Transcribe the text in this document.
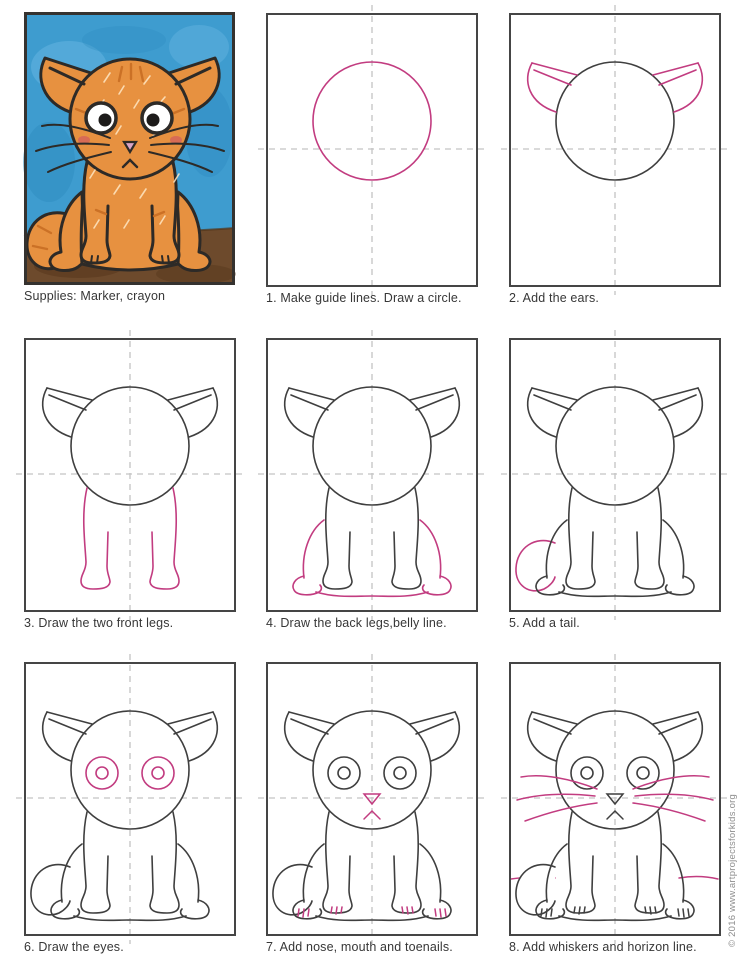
Supplies: Marker, crayon	1. Make guide lines. Draw a circle.	2. Add the ears.
3. Draw the two front legs.	4. Draw the back legs,belly line.	5. Add a tail.
6. Draw the eyes.	7. Add nose, mouth and toenails.	8. Add whiskers and horizon line.	© 2016 www.artprojectsforkids.org
